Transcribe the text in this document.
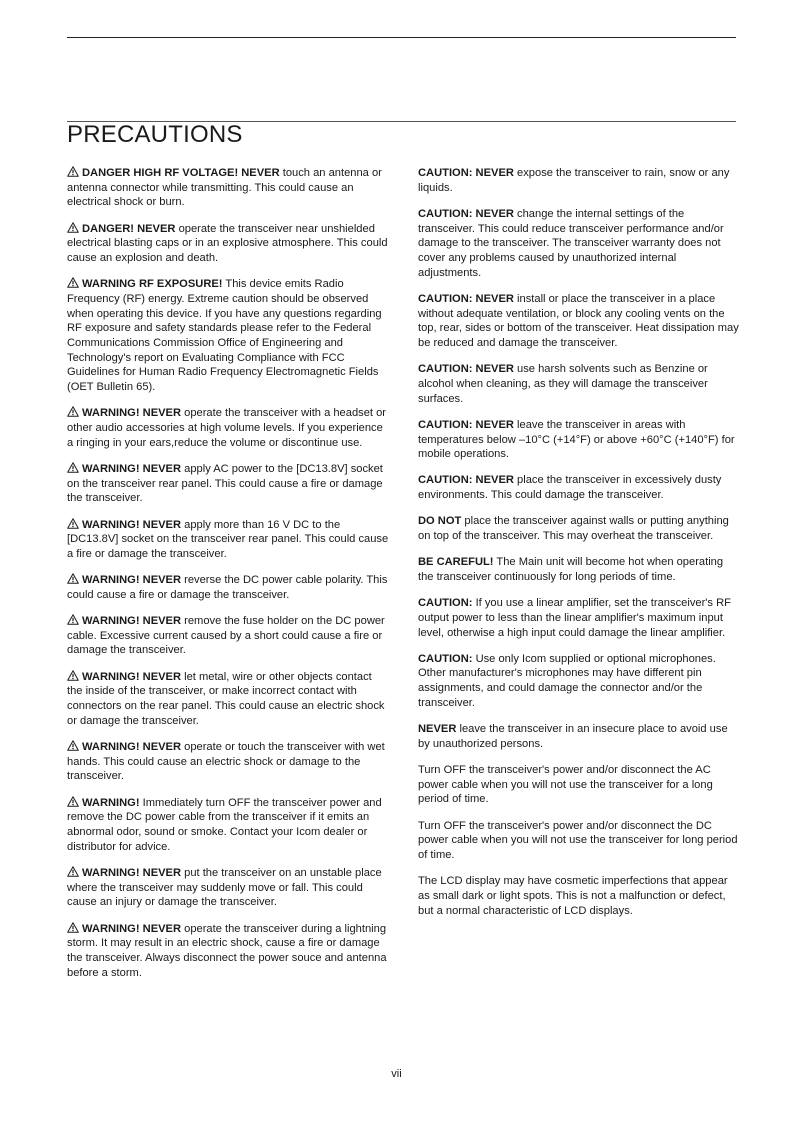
PRECAUTIONS

DANGER HIGH RF VOLTAGE! NEVER touch an antenna or antenna connector while transmitting. This could cause an electrical shock or burn.

DANGER! NEVER operate the transceiver near unshielded electrical blasting caps or in an explosive atmosphere. This could cause an explosion and death.

WARNING RF EXPOSURE! This device emits Radio Frequency (RF) energy. Extreme caution should be observed when operating this device. If you have any questions regarding RF exposure and safety standards please refer to the Federal Communications Commission Office of Engineering and Technology's report on Evaluating Compliance with FCC Guidelines for Human Radio Frequency Electromagnetic Fields (OET Bulletin 65).

WARNING! NEVER operate the transceiver with a headset or other audio accessories at high volume levels. If you experience a ringing in your ears,reduce the volume or discontinue use.

WARNING! NEVER apply AC power to the [DC13.8V] socket on the transceiver rear panel. This could cause a fire or damage the transceiver.

WARNING! NEVER apply more than 16 V DC to the [DC13.8V] socket on the transceiver rear panel. This could cause a fire or damage the transceiver.

WARNING! NEVER reverse the DC power cable polarity. This could cause a fire or damage the transceiver.

WARNING! NEVER remove the fuse holder on the DC power cable. Excessive current caused by a short could cause a fire or damage the transceiver.

WARNING! NEVER let metal, wire or other objects contact the inside of the transceiver, or make incorrect contact with connectors on the rear panel. This could cause an electric shock or damage the transceiver.

WARNING! NEVER operate or touch the transceiver with wet hands. This could cause an electric shock or damage to the transceiver.

WARNING! Immediately turn OFF the transceiver power and remove the DC power cable from the transceiver if it emits an abnormal odor, sound or smoke. Contact your Icom dealer or distributor for advice.

WARNING! NEVER put the transceiver on an unstable place where the transceiver may suddenly move or fall. This could cause an injury or damage the transceiver.

WARNING! NEVER operate the transceiver during a lightning storm. It may result in an electric shock, cause a fire or damage the transceiver. Always disconnect the power souce and antenna before a storm.

CAUTION: NEVER expose the transceiver to rain, snow or any liquids.

CAUTION: NEVER change the internal settings of the transceiver. This could reduce transceiver performance and/or damage to the transceiver. The transceiver warranty does not cover any problems caused by unauthorized internal adjustments.

CAUTION: NEVER install or place the transceiver in a place without adequate ventilation, or block any cooling vents on the top, rear, sides or bottom of the transceiver. Heat dissipation may be reduced and damage the transceiver.

CAUTION: NEVER use harsh solvents such as Benzine or alcohol when cleaning, as they will damage the transceiver surfaces.

CAUTION: NEVER leave the transceiver in areas with temperatures below –10°C (+14°F) or above +60°C (+140°F) for mobile operations.

CAUTION: NEVER place the transceiver in excessively dusty environments. This could damage the transceiver.

DO NOT place the transceiver against walls or putting anything on top of the transceiver. This may overheat the transceiver.

BE CAREFUL! The Main unit will become hot when operating the transceiver continuously for long periods of time.

CAUTION: If you use a linear amplifier, set the transceiver's RF output power to less than the linear amplifier's maximum input level, otherwise a high input could damage the linear amplifier.

CAUTION: Use only Icom supplied or optional microphones. Other manufacturer's microphones may have different pin assignments, and could damage the connector and/or the transceiver.

NEVER leave the transceiver in an insecure place to avoid use by unauthorized persons.

Turn OFF the transceiver's power and/or disconnect the AC power cable when you will not use the transceiver for a long period of time.

Turn OFF the transceiver's power and/or disconnect the DC power cable when you will not use the transceiver for long period of time.

The LCD display may have cosmetic imperfections that appear as small dark or light spots. This is not a malfunction or defect, but a normal characteristic of LCD displays.

vii
